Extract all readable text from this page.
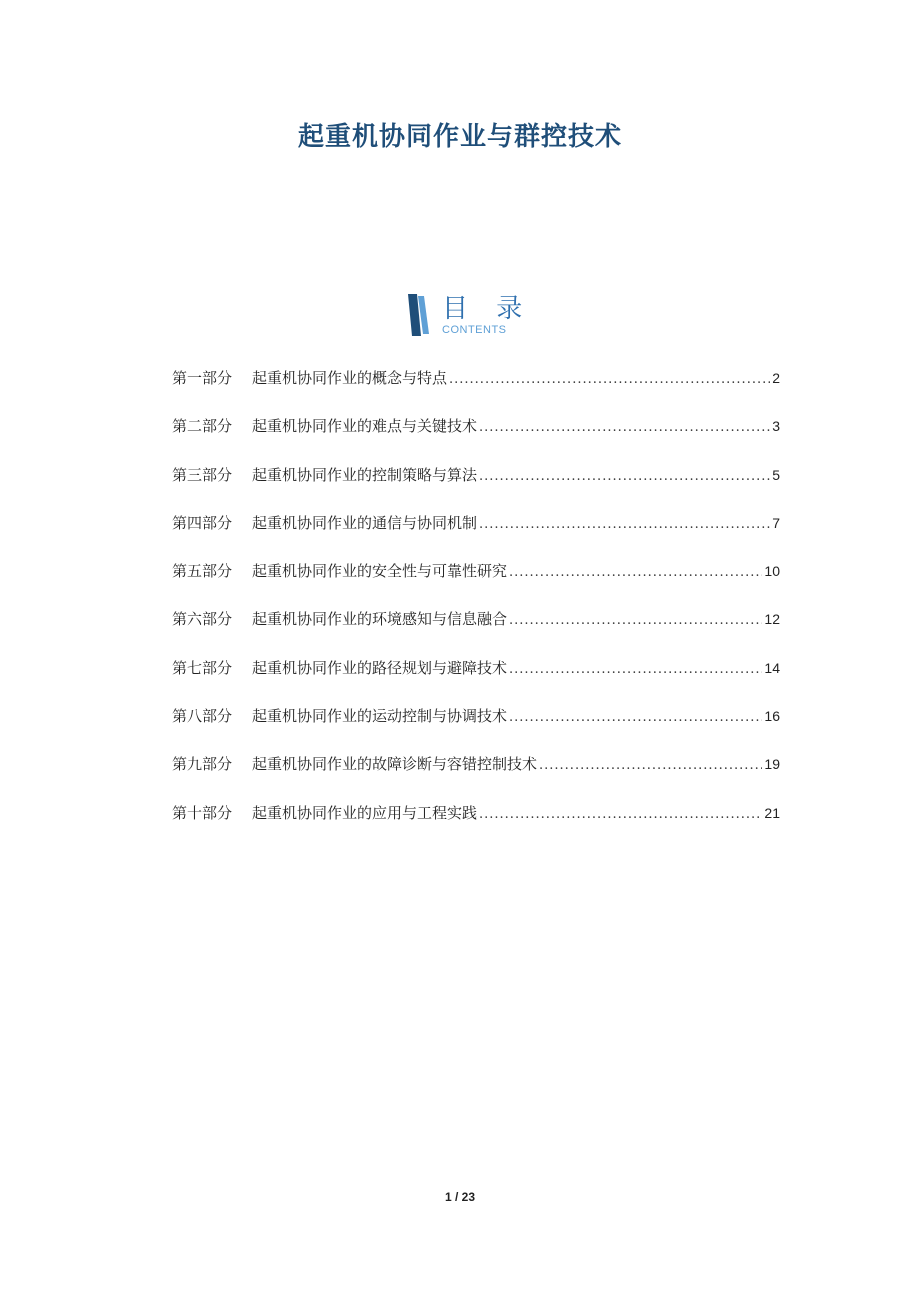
起重机协同作业与群控技术
目 录
CONTENTS
第一部分	起重机协同作业的概念与特点 .....	2
第二部分	起重机协同作业的难点与关键技术 .....	3
第三部分	起重机协同作业的控制策略与算法 .....	5
第四部分	起重机协同作业的通信与协同机制 .....	7
第五部分	起重机协同作业的安全性与可靠性研究 .....	10
第六部分	起重机协同作业的环境感知与信息融合 .....	12
第七部分	起重机协同作业的路径规划与避障技术 .....	14
第八部分	起重机协同作业的运动控制与协调技术 .....	16
第九部分	起重机协同作业的故障诊断与容错控制技术 .....	19
第十部分	起重机协同作业的应用与工程实践 .....	21
1 / 23
